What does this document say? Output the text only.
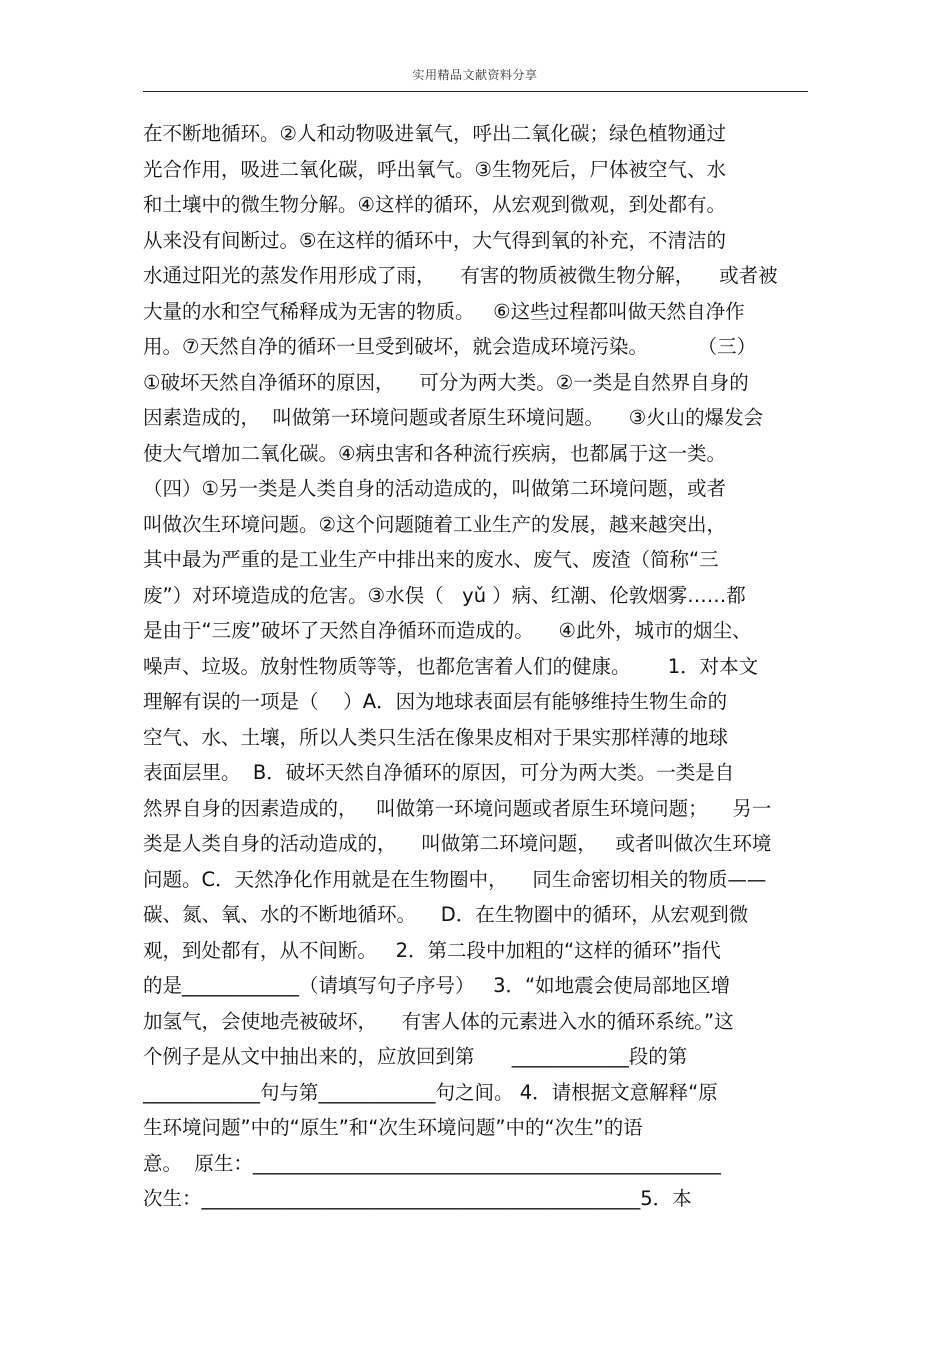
实用精品文献资料分享
在不断地循环。②人和动物吸进氧气，呼出二氧化碳；绿色植物通过
光合作用，吸进二氧化碳，呼出氧气。③生物死后，尸体被空气、水
和土壤中的微生物分解。④这样的循环，从宏观到微观，到处都有。
从来没有间断过。⑤在这样的循环中，大气得到氧的补充，不清洁的
水通过阳光的蒸发作用形成了雨，    有害的物质被微生物分解，    或者被
大量的水和空气稀释成为无害的物质。   ⑥这些过程都叫做天然自净作
用。⑦天然自净的循环一旦受到破坏，就会造成环境污染。        （三）
①破坏天然自净循环的原因，    可分为两大类。②一类是自然界自身的
因素造成的，  叫做第一环境问题或者原生环境问题。    ③火山的爆发会
使大气增加二氧化碳。④病虫害和各种流行疾病，也都属于这一类。
（四）①另一类是人类自身的活动造成的，叫做第二环境问题，或者
叫做次生环境问题。②这个问题随着工业生产的发展，越来越突出，
其中最为严重的是工业生产中排出来的废水、废气、废渣（简称“三
废”）对环境造成的危害。③水俣（   yǔ ）病、红潮、伦敦烟雾……都
是由于“三废”破坏了天然自净循环而造成的。    ④此外，城市的烟尘、
噪声、垃圾。放射性物质等等，也都危害着人们的健康。      1．对本文
理解有误的一项是（    ）A．因为地球表面层有能够维持生物生命的
空气、水、土壤，所以人类只生活在像果皮相对于果实那样薄的地球
表面层里。  B．破坏天然自净循环的原因，可分为两大类。一类是自
然界自身的因素造成的，   叫做第一环境问题或者原生环境问题；    另一
类是人类自身的活动造成的，    叫做第二环境问题，   或者叫做次生环境
问题。C．天然净化作用就是在生物圈中，    同生命密切相关的物质——
碳、氮、氧、水的不断地循环。    D．在生物圈中的循环，从宏观到微
观，到处都有，从不间断。   2．第二段中加粗的“这样的循环”指代
的是____________（请填写句子序号）   3．“如地震会使局部地区增
加氢气，会使地壳被破坏，    有害人体的元素进入水的循环系统。”这
个例子是从文中抽出来的，应放回到第      ____________段的第
____________句与第____________句之间。 4．请根据文意解释“原
生环境问题”中的“原生”和“次生环境问题”中的“次生”的语
意。  原生：________________________________________________
次生：_____________________________________________5．本
